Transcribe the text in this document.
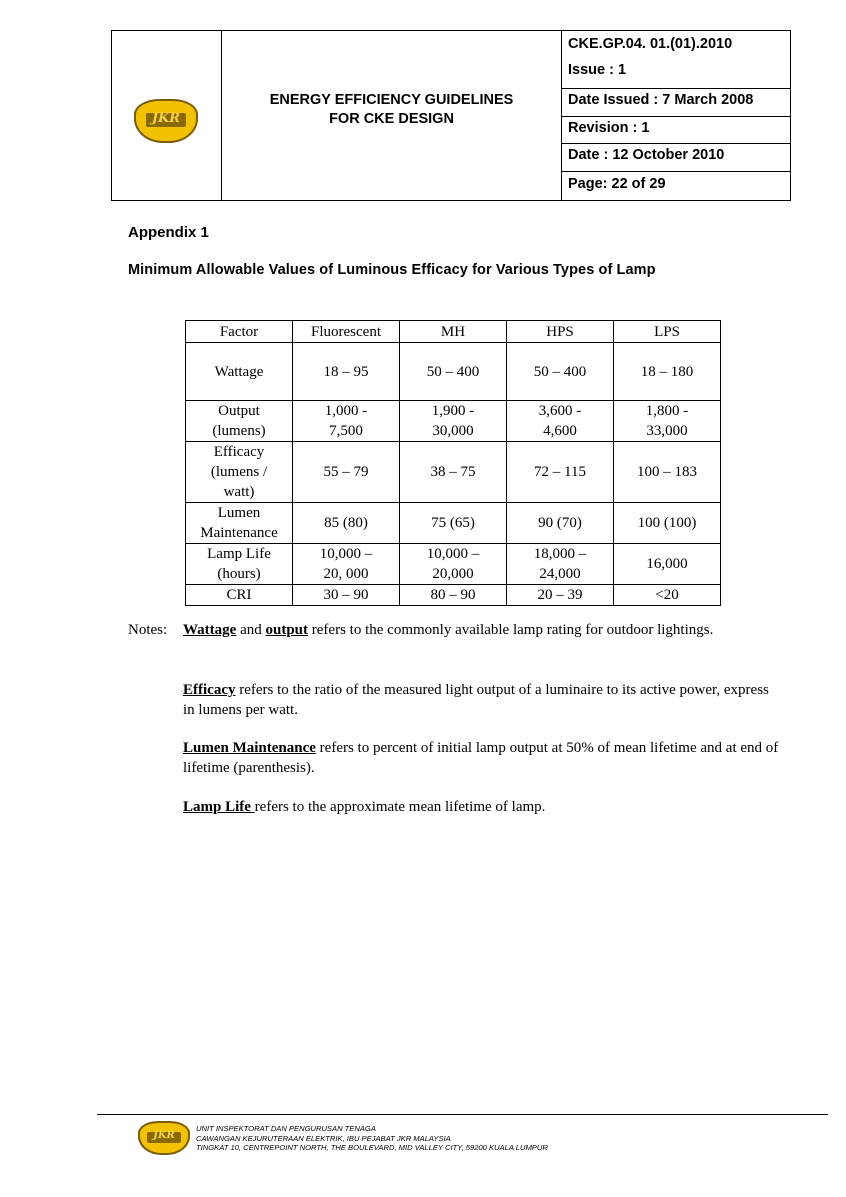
JKR
ENERGY EFFICIENCY GUIDELINES
FOR CKE DESIGN
CKE.GP.04. 01.(01).2010
Issue : 1
Date Issued : 7 March 2008
Revision : 1
Date : 12 October 2010
Page: 22 of 29
Appendix 1
Minimum Allowable Values of Luminous Efficacy for Various Types of Lamp
Factor	Fluorescent	MH	HPS	LPS
Wattage	18 – 95	50 – 400	50 – 400	18 – 180
Output (lumens)	1,000 - 7,500	1,900 - 30,000	3,600 - 4,600	1,800 - 33,000
Efficacy (lumens / watt)	55 – 79	38 – 75	72 – 115	100 – 183
Lumen Maintenance	85 (80)	75 (65)	90 (70)	100 (100)
Lamp Life (hours)	10,000 – 20, 000	10,000 – 20,000	18,000 – 24,000	16,000
CRI	30 – 90	80 – 90	20 – 39	<20
Notes: Wattage and output refers to the commonly available lamp rating for outdoor lightings.
Efficacy refers to the ratio of the measured light output of a luminaire to its active power, express in lumens per watt.
Lumen Maintenance refers to percent of initial lamp output at 50% of mean lifetime and at end of lifetime (parenthesis).
Lamp Life refers to the approximate mean lifetime of lamp.
JKR
UNIT INSPEKTORAT DAN PENGURUSAN TENAGA
CAWANGAN KEJURUTERAAN ELEKTRIK, IBU PEJABAT JKR MALAYSIA
TINGKAT 10, CENTREPOINT NORTH, THE BOULEVARD, MID VALLEY CITY, 59200 KUALA LUMPUR
